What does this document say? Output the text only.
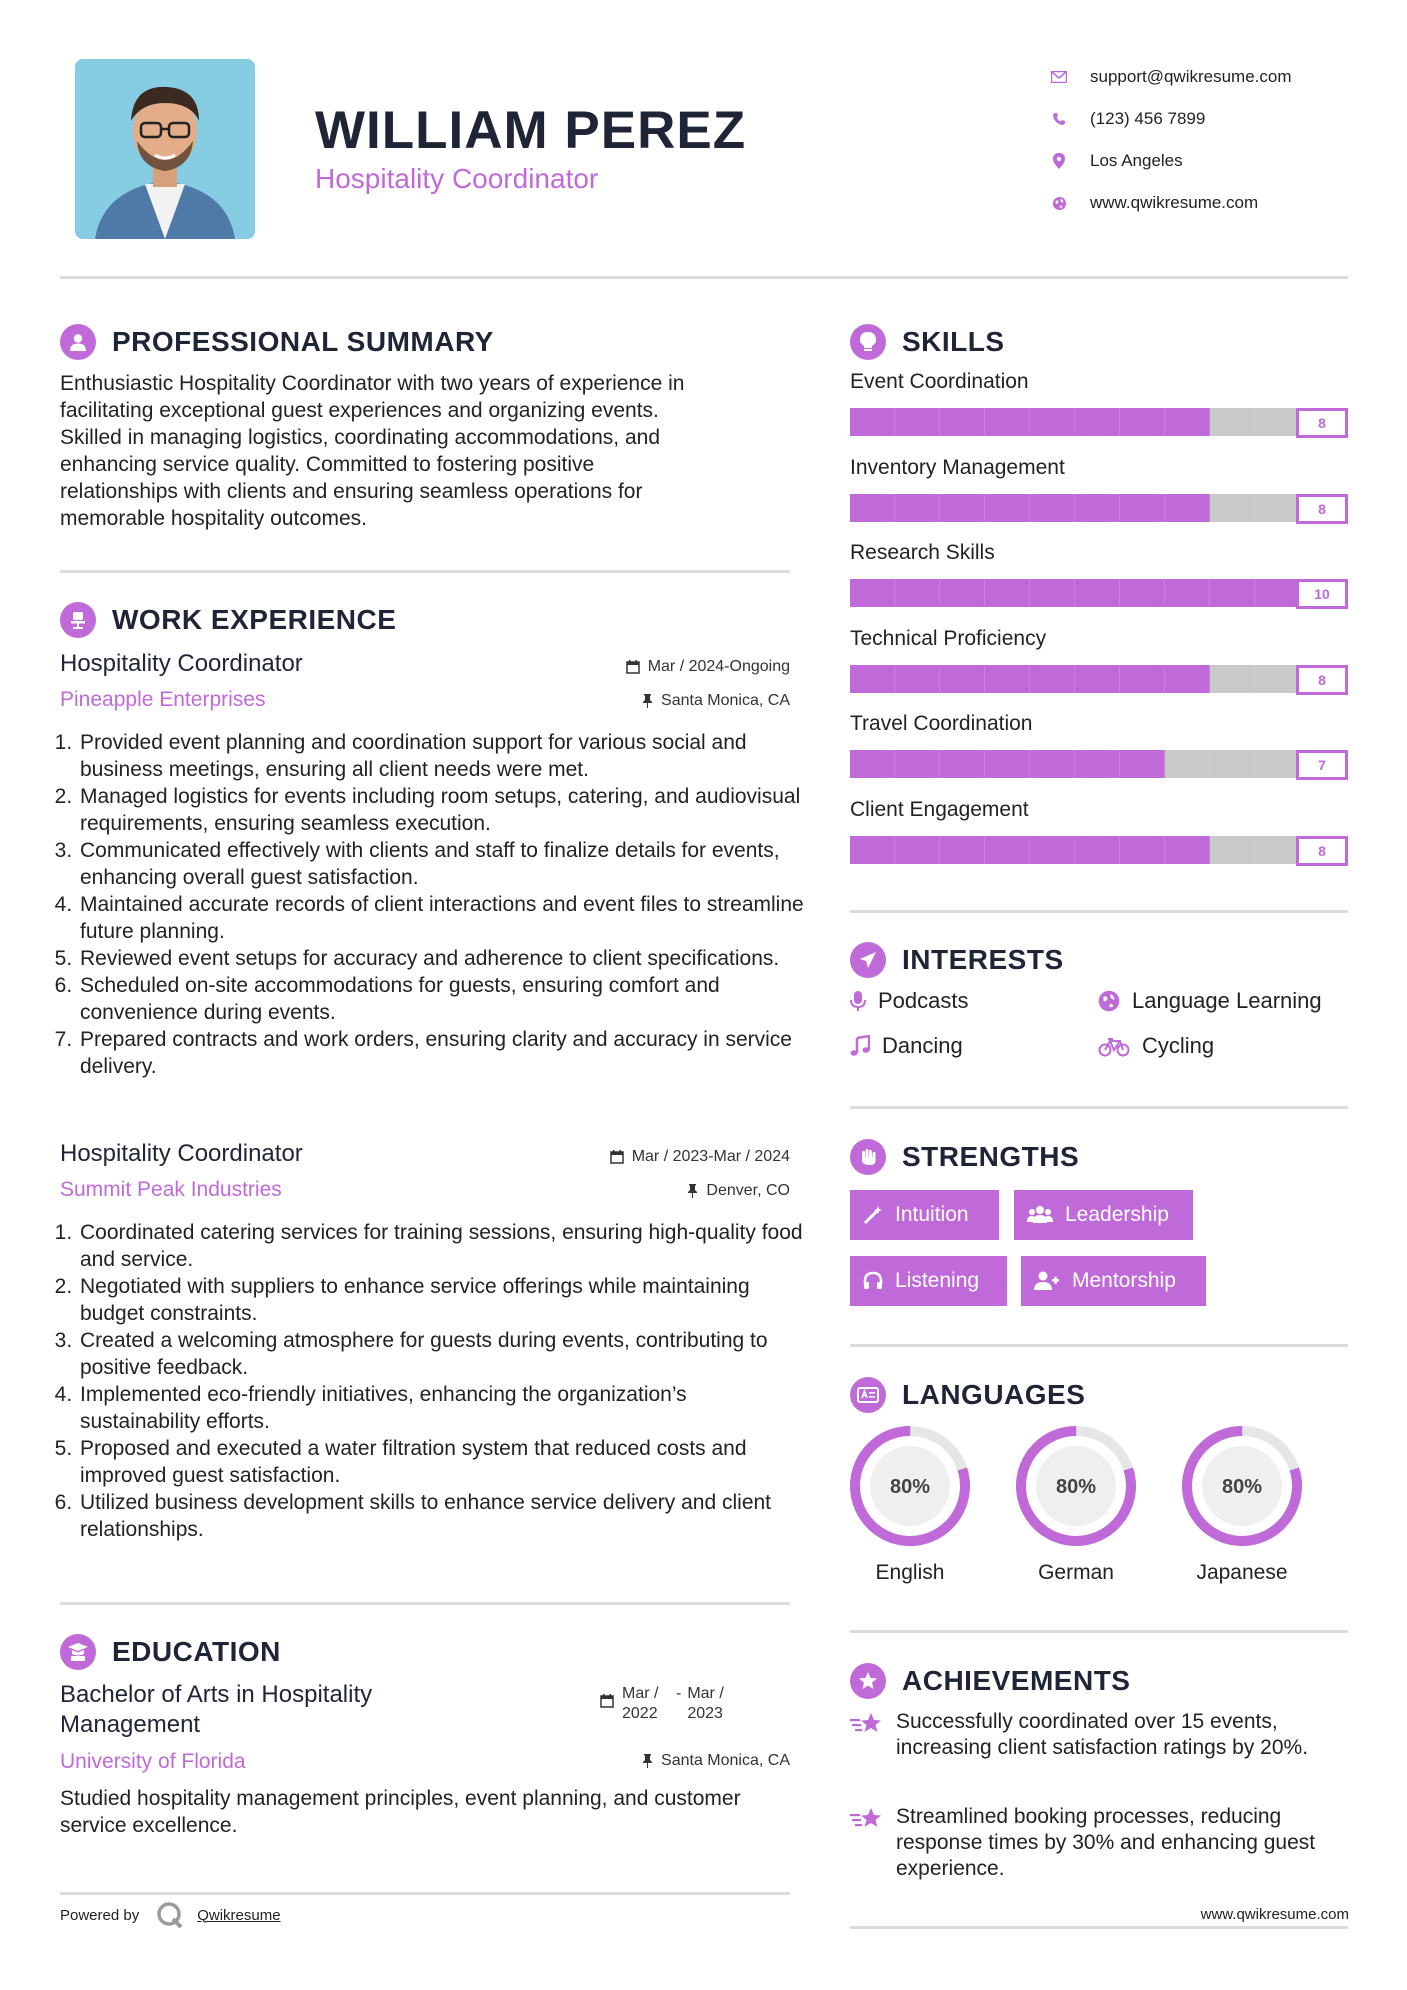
WILLIAM PEREZ
Hospitality Coordinator
support@qwikresume.com
(123) 456 7899
Los Angeles
www.qwikresume.com
PROFESSIONAL SUMMARY
Enthusiastic Hospitality Coordinator with two years of experience in
facilitating exceptional guest experiences and organizing events.
Skilled in managing logistics, coordinating accommodations, and
enhancing service quality. Committed to fostering positive
relationships with clients and ensuring seamless operations for
memorable hospitality outcomes.
WORK EXPERIENCE
Hospitality Coordinator	Mar / 2024-Ongoing
Pineapple Enterprises	Santa Monica, CA
1. Provided event planning and coordination support for various social and business meetings, ensuring all client needs were met.
2. Managed logistics for events including room setups, catering, and audiovisual requirements, ensuring seamless execution.
3. Communicated effectively with clients and staff to finalize details for events, enhancing overall guest satisfaction.
4. Maintained accurate records of client interactions and event files to streamline future planning.
5. Reviewed event setups for accuracy and adherence to client specifications.
6. Scheduled on-site accommodations for guests, ensuring comfort and convenience during events.
7. Prepared contracts and work orders, ensuring clarity and accuracy in service delivery.
Hospitality Coordinator	Mar / 2023-Mar / 2024
Summit Peak Industries	Denver, CO
1. Coordinated catering services for training sessions, ensuring high-quality food and service.
2. Negotiated with suppliers to enhance service offerings while maintaining budget constraints.
3. Created a welcoming atmosphere for guests during events, contributing to positive feedback.
4. Implemented eco-friendly initiatives, enhancing the organization’s sustainability efforts.
5. Proposed and executed a water filtration system that reduced costs and improved guest satisfaction.
6. Utilized business development skills to enhance service delivery and client relationships.
EDUCATION
Bachelor of Arts in Hospitality Management
Mar / 2022
- Mar / 2023
University of Florida	Santa Monica, CA
Studied hospitality management principles, event planning, and customer service excellence.
Powered by	Qwikresume
SKILLS
Event Coordination
8
Inventory Management
8
Research Skills
10
Technical Proficiency
8
Travel Coordination
7
Client Engagement
8
INTERESTS
Podcasts	Language Learning
Dancing	Cycling
STRENGTHS
Intuition	Leadership
Listening	Mentorship
LANGUAGES
80%
English
80%
German
80%
Japanese
ACHIEVEMENTS
Successfully coordinated over 15 events, increasing client satisfaction ratings by 20%.
Streamlined booking processes, reducing response times by 30% and enhancing guest experience.
www.qwikresume.com
